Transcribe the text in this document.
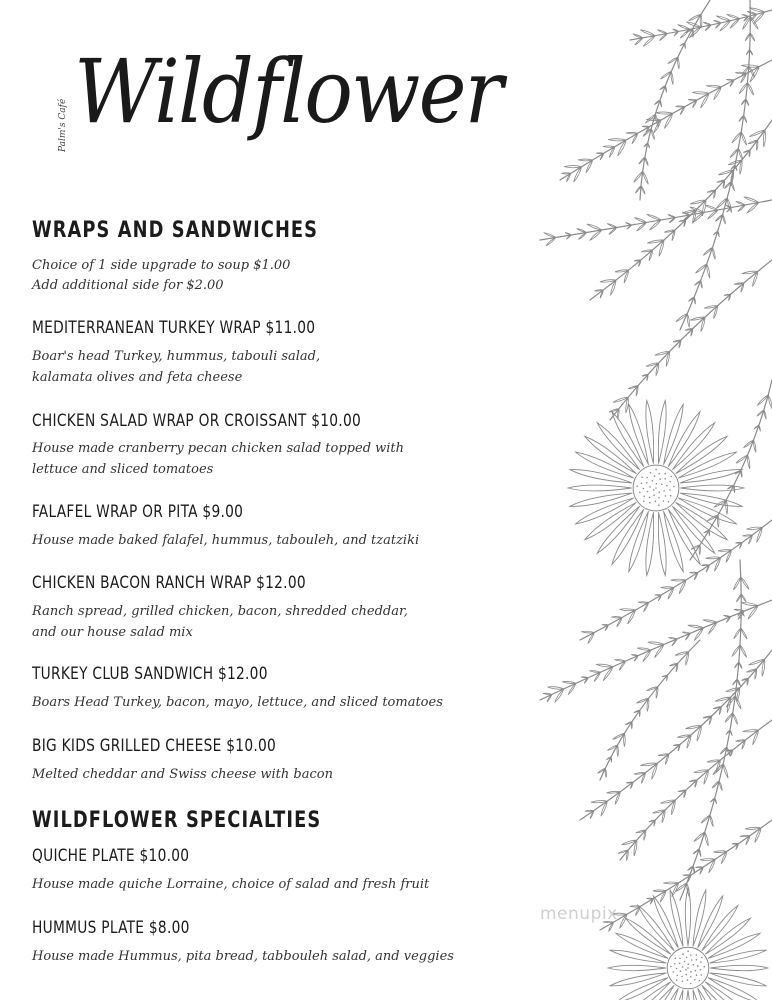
Palm's Café Wildflower
WRAPS AND SANDWICHES
Choice of 1 side upgrade to soup $1.00
Add additional side for $2.00
MEDITERRANEAN TURKEY WRAP $11.00
Boar's head Turkey, hummus, tabouli salad,
kalamata olives and feta cheese
CHICKEN SALAD WRAP OR CROISSANT $10.00
House made cranberry pecan chicken salad topped with
lettuce and sliced tomatoes
FALAFEL WRAP OR PITA $9.00
House made baked falafel, hummus, tabouleh, and tzatziki
CHICKEN BACON RANCH WRAP $12.00
Ranch spread, grilled chicken, bacon, shredded cheddar,
and our house salad mix
TURKEY CLUB SANDWICH $12.00
Boars Head Turkey, bacon, mayo, lettuce, and sliced tomatoes
BIG KIDS GRILLED CHEESE $10.00
Melted cheddar and Swiss cheese with bacon
WILDFLOWER SPECIALTIES
QUICHE PLATE $10.00
House made quiche Lorraine, choice of salad and fresh fruit
HUMMUS PLATE $8.00
House made Hummus, pita bread, tabbouleh salad, and veggies
menupix
